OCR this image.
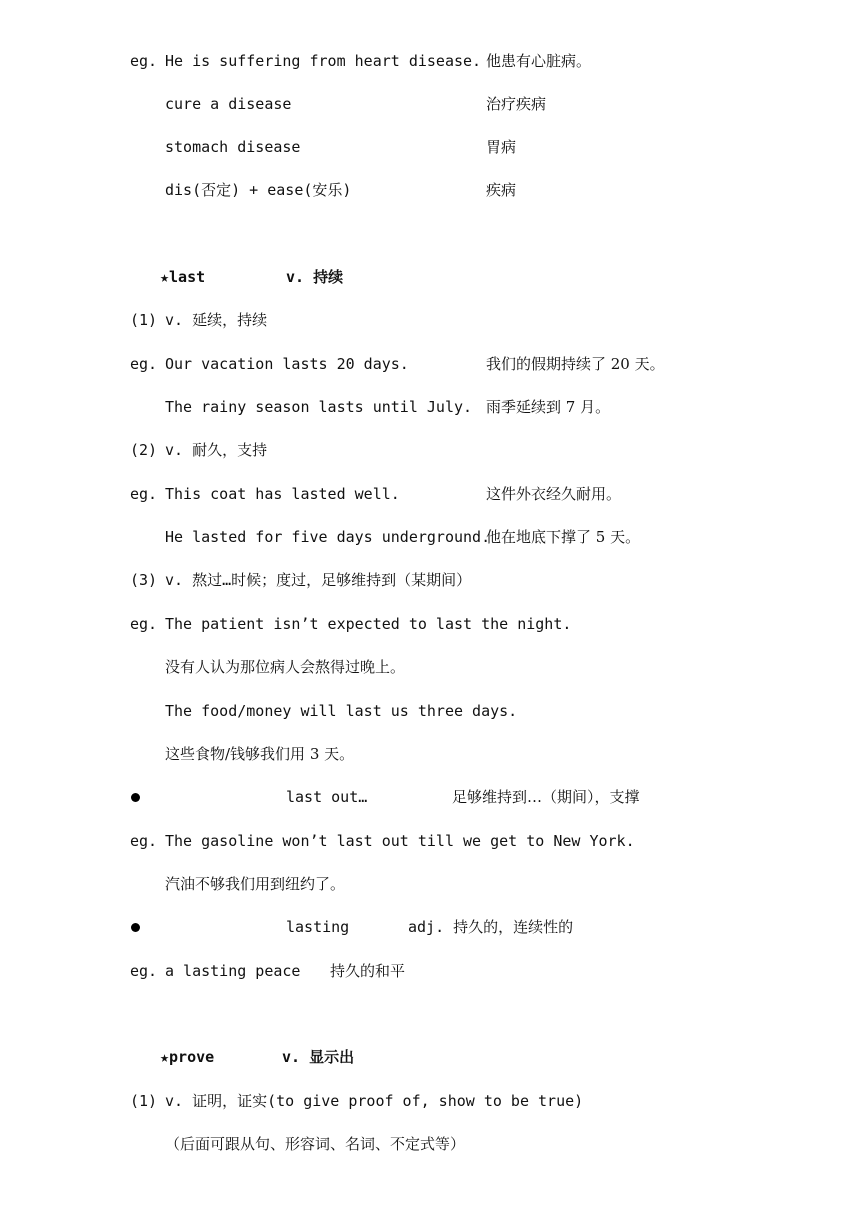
eg. He is suffering from heart disease. 他患有心脏病。
cure a disease	治疗疾病
stomach disease	胃病
dis(否定) + ease(安乐)	疾病
★last	v. 持续
(1) v. 延续，持续
eg. Our vacation lasts 20 days.	我们的假期持续了 20 天。
The rainy season lasts until July. 雨季延续到 7 月。
(2) v. 耐久，支持
eg. This coat has lasted well.	这件外衣经久耐用。
He lasted for five days underground.
他在地底下撑了 5 天。
(3) v. 熬过…时候；度过，足够维持到（某期间）
eg. The patient isn’t expected to last the night.
没有人认为那位病人会熬得过晚上。
The food/money will last us three days.
这些食物/钱够我们用 3 天。
last out…	足够维持到…（期间），支撑
eg. The gasoline won’t last out till we get to New York.
汽油不够我们用到纽约了。
lasting	adj. 持久的，连续性的
eg. a lasting peace 持久的和平
★prove	v. 显示出
(1) v. 证明，证实(to give proof of, show to be true)
（后面可跟从句、形容词、名词、不定式等）
